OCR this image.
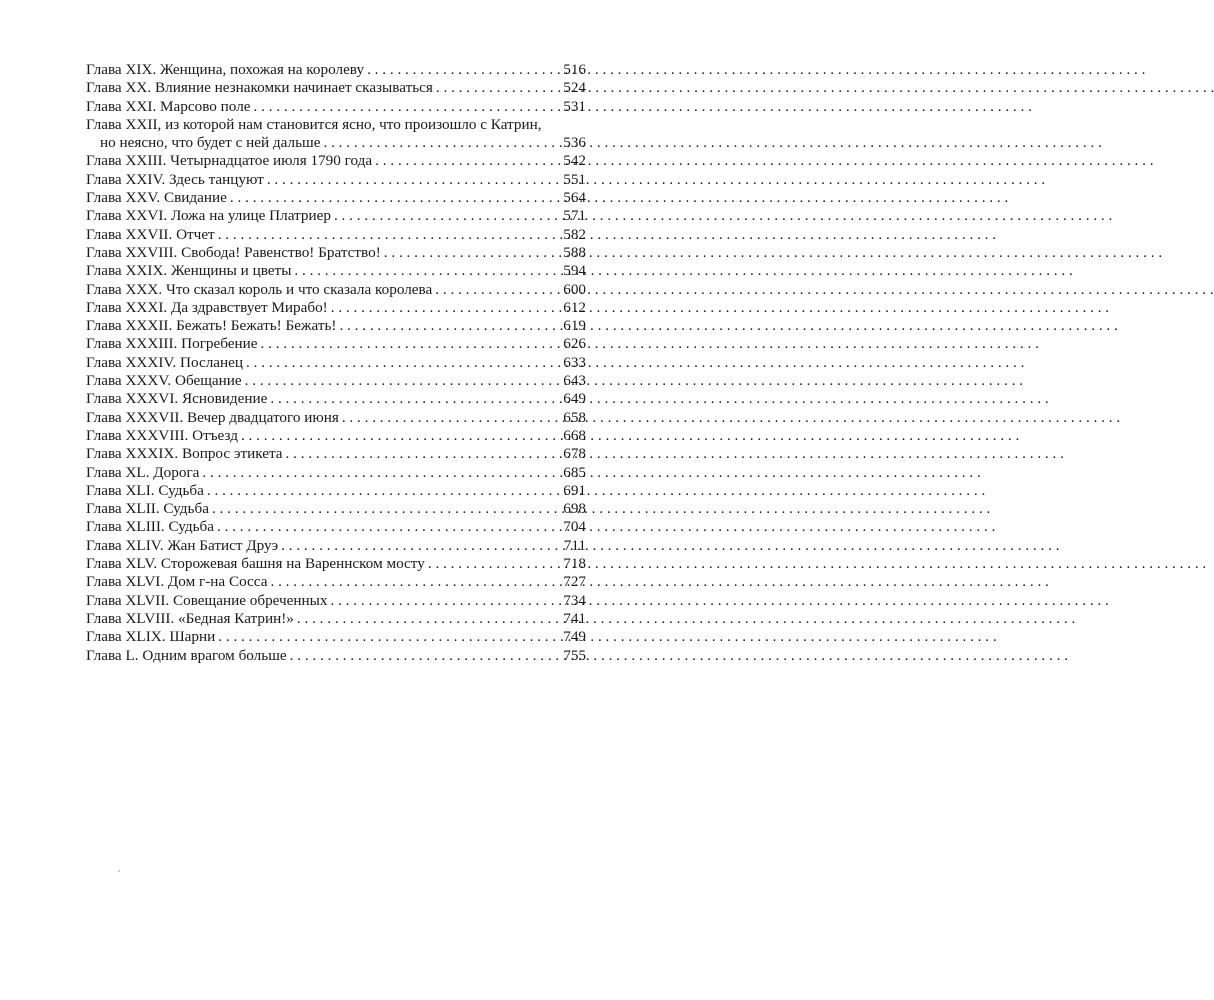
Глава XIX. Женщина, похожая на королеву . . .	516
Глава XX. Влияние незнакомки начинает сказываться . . .	524
Глава XXI. Марсово поле . . .	531
Глава XXII, из которой нам становится ясно, что произошло с Катрин,
но неясно, что будет с ней дальше . . .	536
Глава XXIII. Четырнадцатое июля 1790 года . . .	542
Глава XXIV. Здесь танцуют . . .	551
Глава XXV. Свидание . . .	564
Глава XXVI. Ложа на улице Платриер . . .	571
Глава XXVII. Отчет . . .	582
Глава XXVIII. Свобода! Равенство! Братство! . . .	588
Глава XXIX. Женщины и цветы . . .	594
Глава XXX. Что сказал король и что сказала королева . . .	600
Глава XXXI. Да здравствует Мирабо! . . .	612
Глава XXXII. Бежать! Бежать! Бежать! . . .	619
Глава XXXIII. Погребение . . .	626
Глава XXXIV. Посланец . . .	633
Глава XXXV. Обещание . . .	643
Глава XXXVI. Ясновидение . . .	649
Глава XXXVII. Вечер двадцатого июня . . .	658
Глава XXXVIII. Отъезд . . .	668
Глава XXXIX. Вопрос этикета . . .	678
Глава XL. Дорога . . .	685
Глава XLI. Судьба . . .	691
Глава XLII. Судьба . . .	698
Глава XLIII. Судьба . . .	704
Глава XLIV. Жан Батист Друэ . . .	711
Глава XLV. Сторожевая башня на Вареннском мосту . . .	718
Глава XLVI. Дом г-на Сосса . . .	727
Глава XLVII. Совещание обреченных . . .	734
Глава XLVIII. «Бедная Катрин!» . . .	741
Глава XLIX. Шарни . . .	749
Глава L. Одним врагом больше . . .	755
